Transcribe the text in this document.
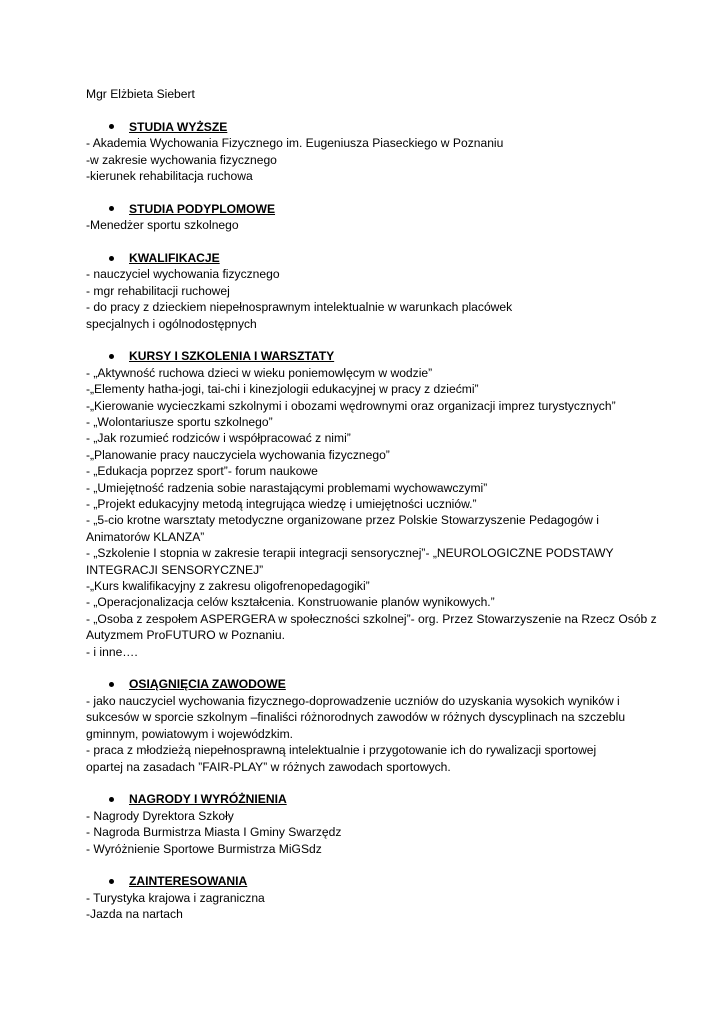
Mgr Elżbieta Siebert
STUDIA WYŻSZE
- Akademia Wychowania Fizycznego im. Eugeniusza Piaseckiego w Poznaniu
-w zakresie wychowania fizycznego
-kierunek rehabilitacja ruchowa
STUDIA PODYPLOMOWE
-Menedżer sportu szkolnego
KWALIFIKACJE
- nauczyciel wychowania fizycznego
- mgr rehabilitacji ruchowej
- do pracy z dzieckiem niepełnosprawnym intelektualnie w warunkach placówek
specjalnych i ogólnodostępnych
KURSY I SZKOLENIA I WARSZTATY
- „Aktywność ruchowa dzieci w wieku poniemowlęcym w wodzie”
-„Elementy hatha-jogi, tai-chi i kinezjologii edukacyjnej w pracy z dziećmi”
-„Kierowanie wycieczkami szkolnymi i obozami wędrownymi oraz organizacji imprez turystycznych”
- „Wolontariusze sportu szkolnego”
- „Jak rozumieć rodziców i współpracować z nimi”
-„Planowanie pracy nauczyciela wychowania fizycznego”
- „Edukacja poprzez sport”- forum naukowe
- „Umiejętność radzenia sobie narastającymi problemami wychowawczymi”
- „Projekt edukacyjny metodą integrująca wiedzę i umiejętności uczniów.”
- „5-cio krotne warsztaty metodyczne organizowane przez Polskie Stowarzyszenie Pedagogów i
Animatorów KLANZA”
- „Szkolenie I stopnia w zakresie terapii integracji sensorycznej”- „NEUROLOGICZNE PODSTAWY
INTEGRACJI SENSORYCZNEJ”
-„Kurs kwalifikacyjny z zakresu oligofrenopedagogiki”
- „Operacjonalizacja celów kształcenia. Konstruowanie planów wynikowych.”
- „Osoba z zespołem ASPERGERA w społeczności szkolnej”- org. Przez Stowarzyszenie na Rzecz Osób z
Autyzmem ProFUTURO w Poznaniu.
- i inne….
OSIĄGNIĘCIA ZAWODOWE
- jako nauczyciel wychowania fizycznego-doprowadzenie uczniów do uzyskania wysokich wyników i
sukcesów w sporcie szkolnym –finaliści różnorodnych zawodów w różnych dyscyplinach na szczeblu
gminnym, powiatowym i wojewódzkim.
- praca z młodzieżą niepełnosprawną intelektualnie i przygotowanie ich do rywalizacji sportowej
opartej na zasadach ”FAIR-PLAY” w różnych zawodach sportowych.
NAGRODY I WYRÓŻNIENIA
- Nagrody Dyrektora Szkoły
- Nagroda Burmistrza Miasta I Gminy Swarzędz
- Wyróżnienie Sportowe Burmistrza MiGSdz
ZAINTERESOWANIA
- Turystyka krajowa i zagraniczna
-Jazda na nartach
